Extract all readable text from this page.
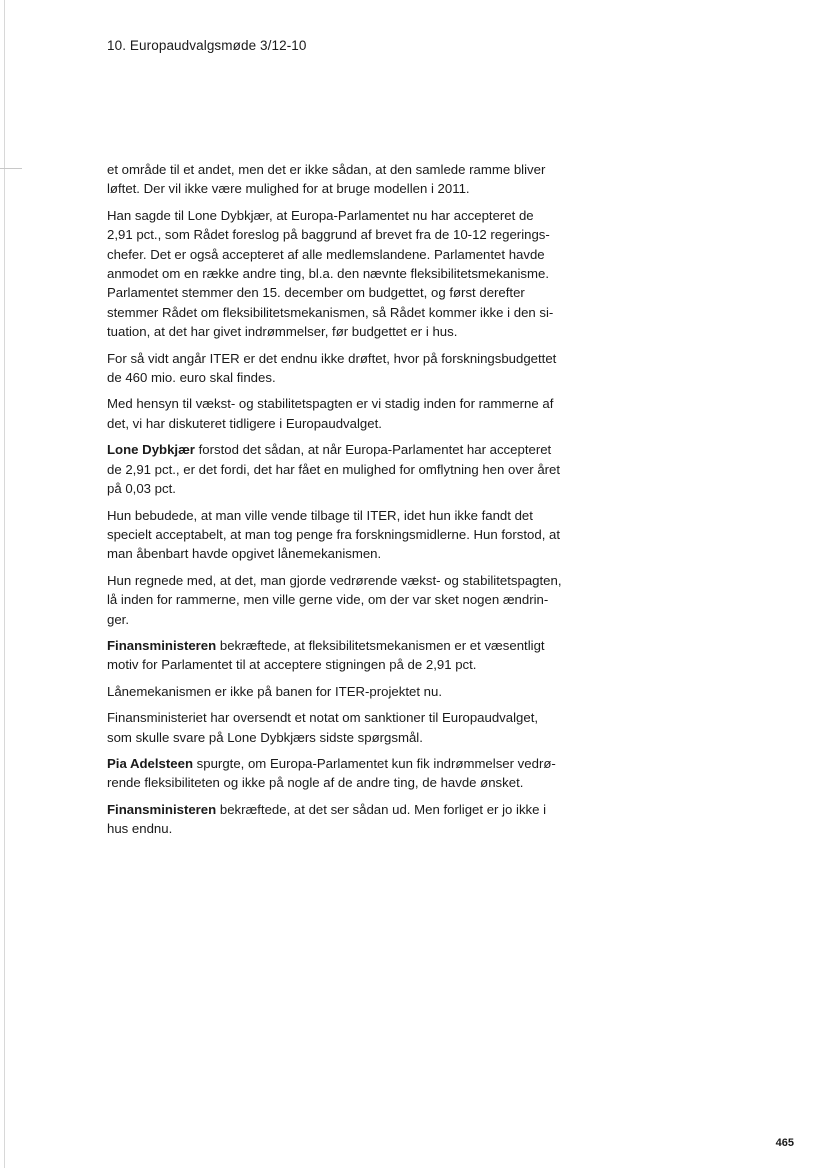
10. Europaudvalgsmøde 3/12-10

et område til et andet, men det er ikke sådan, at den samlede ramme bliver
løftet. Der vil ikke være mulighed for at bruge modellen i 2011.

Han sagde til Lone Dybkjær, at Europa-Parlamentet nu har accepteret de
2,91 pct., som Rådet foreslog på baggrund af brevet fra de 10-12 regerings-
chefer. Det er også accepteret af alle medlemslandene. Parlamentet havde
anmodet om en række andre ting, bl.a. den nævnte fleksibilitetsmekanisme.
Parlamentet stemmer den 15. december om budgettet, og først derefter
stemmer Rådet om fleksibilitetsmekanismen, så Rådet kommer ikke i den si-
tuation, at det har givet indrømmelser, før budgettet er i hus.

For så vidt angår ITER er det endnu ikke drøftet, hvor på forskningsbudgettet
de 460 mio. euro skal findes.

Med hensyn til vækst- og stabilitetspagten er vi stadig inden for rammerne af
det, vi har diskuteret tidligere i Europaudvalget.

Lone Dybkjær forstod det sådan, at når Europa-Parlamentet har accepteret
de 2,91 pct., er det fordi, det har fået en mulighed for omflytning hen over året
på 0,03 pct.

Hun bebudede, at man ville vende tilbage til ITER, idet hun ikke fandt det
specielt acceptabelt, at man tog penge fra forskningsmidlerne. Hun forstod, at
man åbenbart havde opgivet lånemekanismen.

Hun regnede med, at det, man gjorde vedrørende vækst- og stabilitetspagten,
lå inden for rammerne, men ville gerne vide, om der var sket nogen ændrin-
ger.

Finansministeren bekræftede, at fleksibilitetsmekanismen er et væsentligt
motiv for Parlamentet til at acceptere stigningen på de 2,91 pct.

Lånemekanismen er ikke på banen for ITER-projektet nu.

Finansministeriet har oversendt et notat om sanktioner til Europaudvalget,
som skulle svare på Lone Dybkjærs sidste spørgsmål.

Pia Adelsteen spurgte, om Europa-Parlamentet kun fik indrømmelser vedrø-
rende fleksibiliteten og ikke på nogle af de andre ting, de havde ønsket.

Finansministeren bekræftede, at det ser sådan ud. Men forliget er jo ikke i
hus endnu.

465
